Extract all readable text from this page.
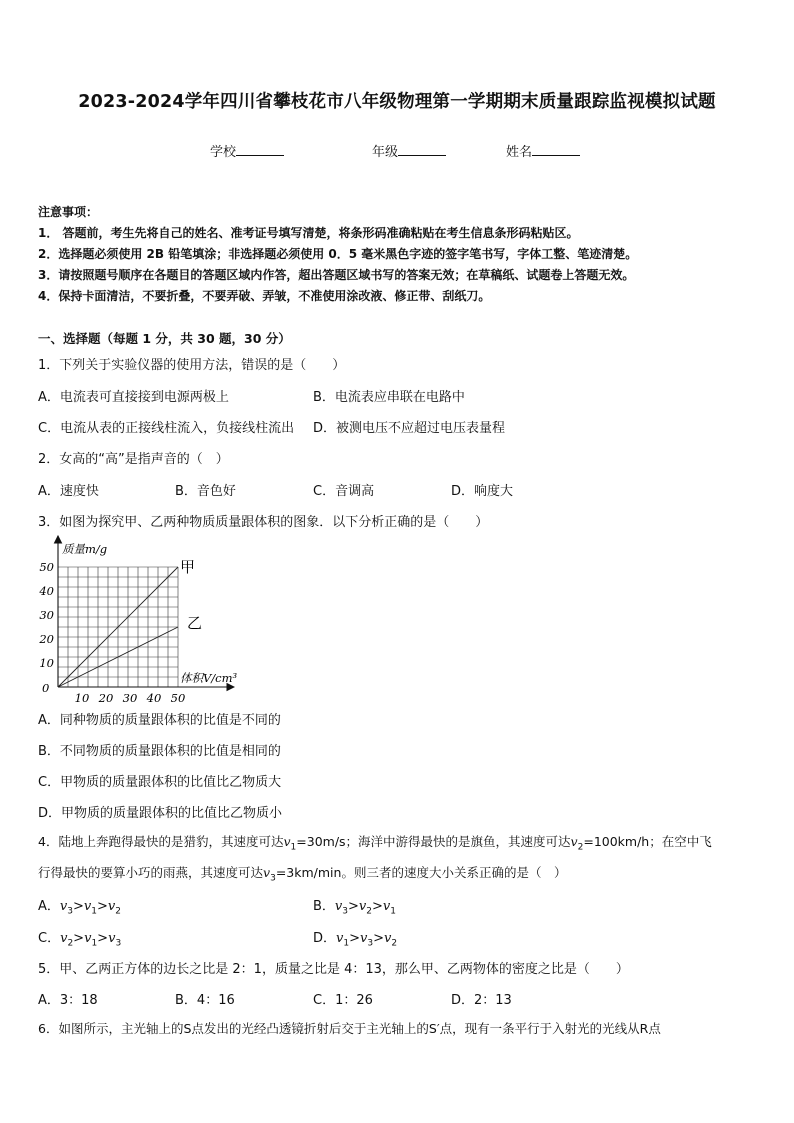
2023-2024学年四川省攀枝花市八年级物理第一学期期末质量跟踪监视模拟试题
学校	年级	姓名
注意事项：
1． 答题前，考生先将自己的姓名、准考证号填写清楚，将条形码准确粘贴在考生信息条形码粘贴区。
2．选择题必须使用 2B 铅笔填涂；非选择题必须使用 0．5 毫米黑色字迹的签字笔书写，字体工整、笔迹清楚。
3．请按照题号顺序在各题目的答题区域内作答，超出答题区域书写的答案无效；在草稿纸、试题卷上答题无效。
4．保持卡面清洁，不要折叠，不要弄破、弄皱，不准使用涂改液、修正带、刮纸刀。
一、选择题（每题 1 分，共 30 题，30 分）
1．下列关于实验仪器的使用方法，错误的是（　　）
A．电流表可直接接到电源两极上	B．电流表应串联在电路中
C．电流从表的正接线柱流入，负接线柱流出 D．被测电压不应超过电压表量程
2．女高的“高”是指声音的（　）
A．速度快	B．音色好	C．音调高	D．响度大
3．如图为探究甲、乙两种物质质量跟体积的图象．以下分析正确的是（　　）
10 20 30 40 50
10
20
30
40
50
质量m/g
体积V/cm³
0
甲
乙
A．同种物质的质量跟体积的比值是不同的
B．不同物质的质量跟体积的比值是相同的
C．甲物质的质量跟体积的比值比乙物质大
D．甲物质的质量跟体积的比值比乙物质小
4．陆地上奔跑得最快的是猎豹，其速度可达$v_1=30m/s$；海洋中游得最快的是旗鱼，其速度可达$v_2=100km/h$；在空中飞
行得最快的要算小巧的雨燕，其速度可达$v_3=3km/\min$。则三者的速度大小关系正确的是（　）
A．$v_3>v_1>v_2$	B．$v_3>v_2>v_1$
C．$v_2>v_1>v_3$	D．$v_1>v_3>v_2$
5．甲、乙两正方体的边长之比是 2：1，质量之比是 4：13，那么甲、乙两物体的密度之比是（　　）
A．3：18	B．4：16	C．1：26	D．2：13
6．如图所示，主光轴上的S点发出的光经凸透镜折射后交于主光轴上的S′点，现有一条平行于入射光的光线从R点
